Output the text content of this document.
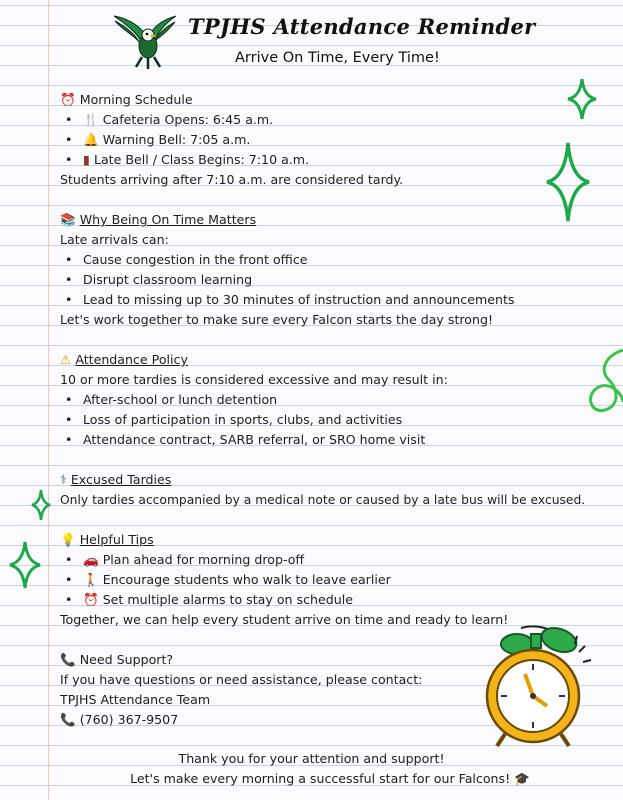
TPJHS Attendance Reminder
Arrive On Time, Every Time!
⏰ Morning Schedule
• 🍴 Cafeteria Opens: 6:45 a.m.
• 🔔 Warning Bell: 7:05 a.m.
• ▮ Late Bell / Class Begins: 7:10 a.m.
Students arriving after 7:10 a.m. are considered tardy.
📚 Why Being On Time Matters
Late arrivals can:
• Cause congestion in the front office
• Disrupt classroom learning
• Lead to missing up to 30 minutes of instruction and announcements
Let's work together to make sure every Falcon starts the day strong!
⚠ Attendance Policy
10 or more tardies is considered excessive and may result in:
• After-school or lunch detention
• Loss of participation in sports, clubs, and activities
• Attendance contract, SARB referral, or SRO home visit
⚕ Excused Tardies
Only tardies accompanied by a medical note or caused by a late bus will be excused.
💡 Helpful Tips
• 🚗 Plan ahead for morning drop-off
• 🚶 Encourage students who walk to leave earlier
• ⏰ Set multiple alarms to stay on schedule
Together, we can help every student arrive on time and ready to learn!
📞 Need Support?
If you have questions or need assistance, please contact:
TPJHS Attendance Team
📞 (760) 367-9507
Thank you for your attention and support!
Let's make every morning a successful start for our Falcons! 🎓
